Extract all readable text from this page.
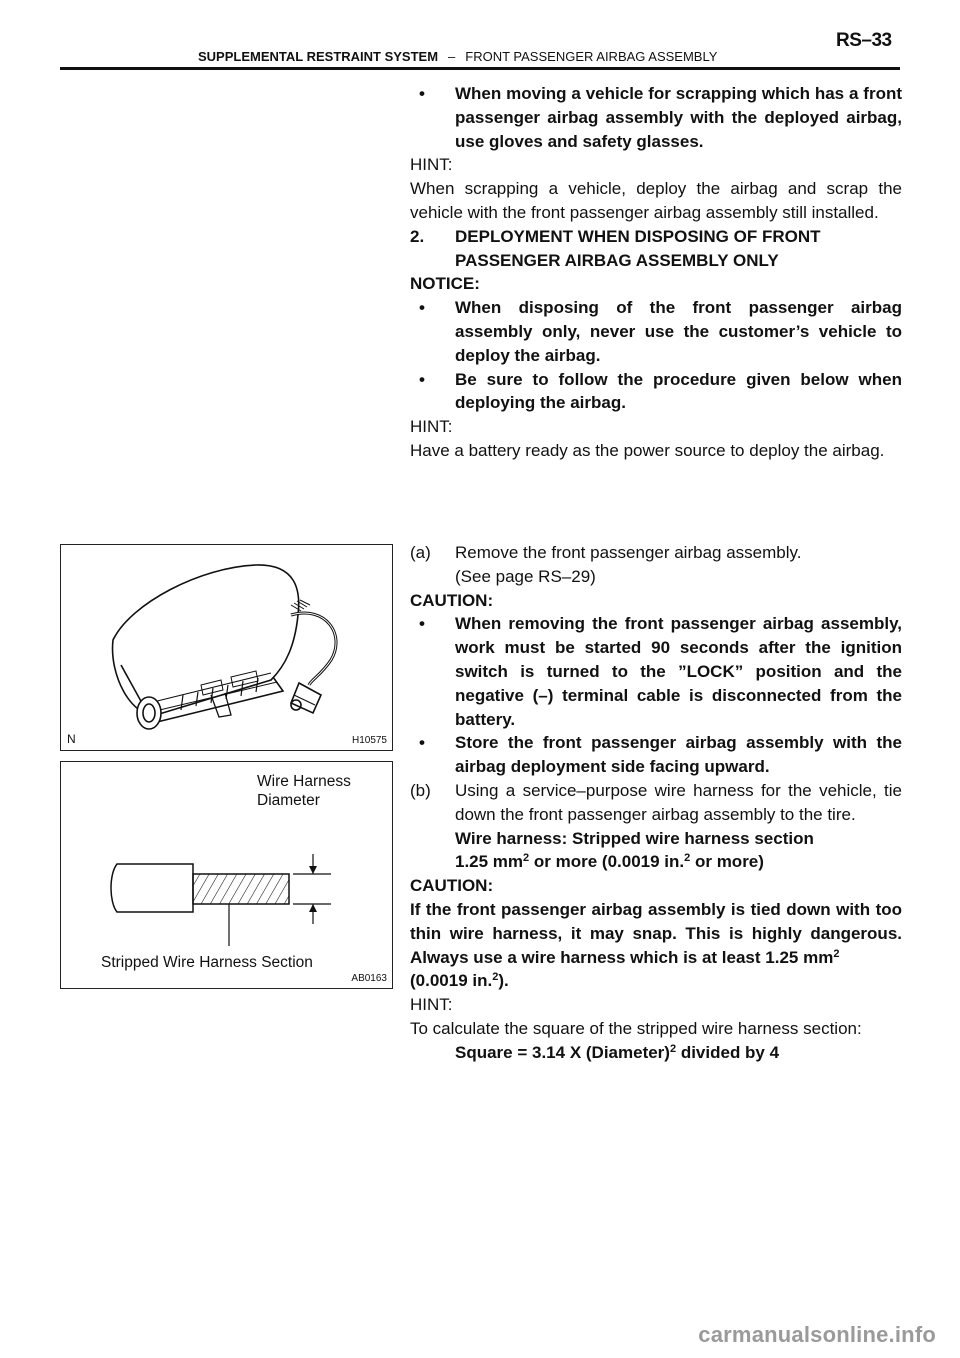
RS–33
SUPPLEMENTAL RESTRAINT SYSTEM – FRONT PASSENGER AIRBAG ASSEMBLY

• When moving a vehicle for scrapping which has a front passenger airbag assembly with the deployed airbag, use gloves and safety glasses.

HINT:

When scrapping a vehicle, deploy the airbag and scrap the vehicle with the front passenger airbag assembly still installed.

2. DEPLOYMENT WHEN DISPOSING OF FRONT PASSENGER AIRBAG ASSEMBLY ONLY

NOTICE:

• When disposing of the front passenger airbag assembly only, never use the customer’s vehicle to deploy the airbag.

• Be sure to follow the procedure given below when deploying the airbag.

HINT:

Have a battery ready as the power source to deploy the airbag.

(a) Remove the front passenger airbag assembly.

(See page RS–29)

CAUTION:

• When removing the front passenger airbag assembly, work must be started 90 seconds after the ignition switch is turned to the ”LOCK” position and the negative (–) terminal cable is disconnected from the battery.

• Store the front passenger airbag assembly with the airbag deployment side facing upward.

(b) Using a service–purpose wire harness for the vehicle, tie down the front passenger airbag assembly to the tire.

Wire harness: Stripped wire harness section

1.25 $mm^2$ or more (0.0019 in.$^2$ or more)

CAUTION:

If the front passenger airbag assembly is tied down with too thin wire harness, it may snap. This is highly dangerous. Always use a wire harness which is at least 1.25 $mm^2$
(0.0019 in.$^2$).

HINT:

To calculate the square of the stripped wire harness section:

Square = 3.14 X (Diameter)$^2$ divided by 4

N	H10575
Wire Harness
Diameter
Stripped Wire Harness Section
AB0163
carmanualsonline.info
